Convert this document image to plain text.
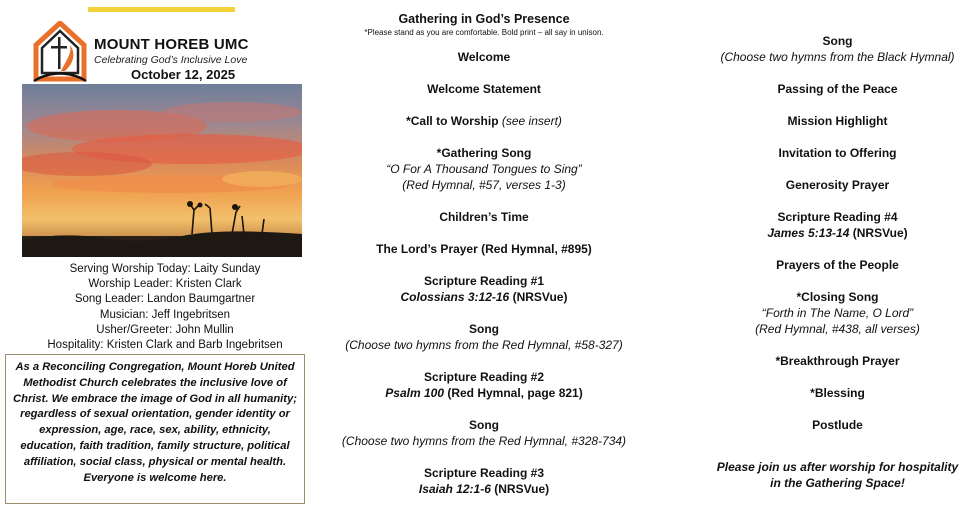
MOUNT HOREB UMC
Celebrating God’s Inclusive Love
October 12, 2025
Serving Worship Today: Laity Sunday
Worship Leader: Kristen Clark
Song Leader: Landon Baumgartner
Musician: Jeff Ingebritsen
Usher/Greeter: John Mullin
Hospitality: Kristen Clark and Barb Ingebritsen
As a Reconciling Congregation, Mount Horeb United Methodist Church celebrates the inclusive love of Christ. We embrace the image of God in all humanity; regardless of sexual orientation, gender identity or expression, age, race, sex, ability, ethnicity, education, faith tradition, family structure, political affiliation, social class, physical or mental health. Everyone is welcome here.
Gathering in God’s Presence
*Please stand as you are comfortable. Bold print – all say in unison.
Welcome
Welcome Statement
*Call to Worship (see insert)
*Gathering Song
“O For A Thousand Tongues to Sing”
(Red Hymnal, #57, verses 1-3)
Children’s Time
The Lord’s Prayer (Red Hymnal, #895)
Scripture Reading #1
Colossians 3:12-16 (NRSVue)
Song
(Choose two hymns from the Red Hymnal, #58-327)
Scripture Reading #2
Psalm 100 (Red Hymnal, page 821)
Song
(Choose two hymns from the Red Hymnal, #328-734)
Scripture Reading #3
Isaiah 12:1-6 (NRSVue)
Song
(Choose two hymns from the Black Hymnal)
Passing of the Peace
Mission Highlight
Invitation to Offering
Generosity Prayer
Scripture Reading #4
James 5:13-14 (NRSVue)
Prayers of the People
*Closing Song
“Forth in The Name, O Lord”
(Red Hymnal, #438, all verses)
*Breakthrough Prayer
*Blessing
Postlude
Please join us after worship for hospitality
in the Gathering Space!
